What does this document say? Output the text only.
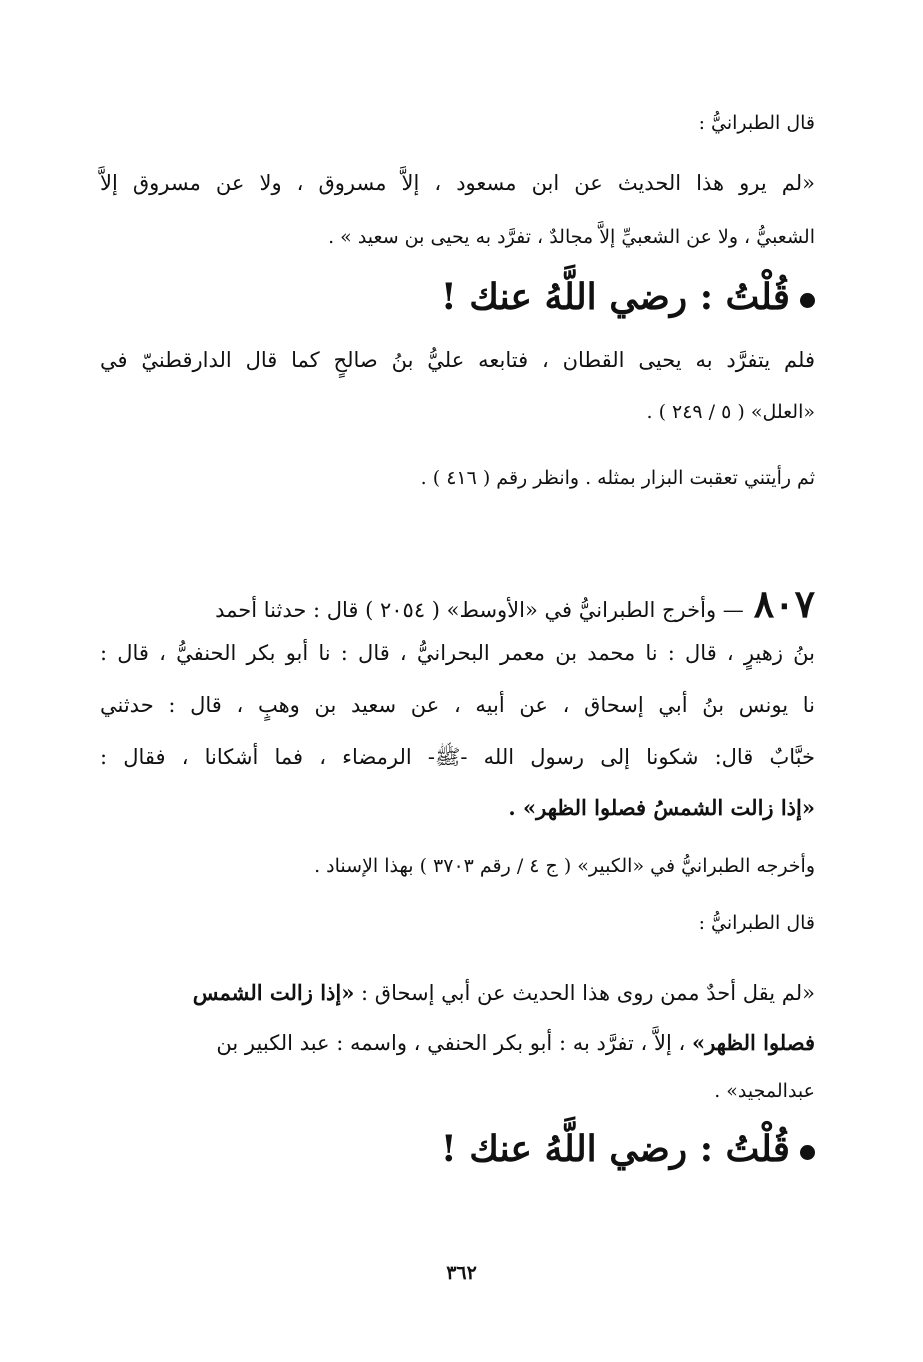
قال الطبرانيُّ :
«لم يرو هذا الحديث عن ابن مسعود ، إلاَّ مسروق ، ولا عن مسروق إلاَّ
الشعبيُّ ، ولا عن الشعبيِّ إلاَّ مجالدٌ ، تفرَّد به يحيى بن سعيد » .
قُلْتُ : رضي اللَّهُ عنك !
فلم يتفرَّد به يحيى القطان ، فتابعه عليُّ بنُ صالحٍ كما قال الدارقطنيّ في
«العلل» ( ٥ / ٢٤٩ ) .
ثم رأيتني تعقبت البزار بمثله . وانظر رقم ( ٤١٦ ) .
٨٠٧— وأخرج الطبرانيُّ في «الأوسط» ( ٢٠٥٤ ) قال : حدثنا أحمد
بنُ زهيرٍ ، قال : نا محمد بن معمر البحرانيُّ ، قال : نا أبو بكر الحنفيُّ ، قال :
نا يونس بنُ أبي إسحاق ، عن أبيه ، عن سعيد بن وهبٍ ، قال : حدثني
خبَّابٌ قال: شكونا إلى رسول الله -ﷺ- الرمضاء ، فما أشكانا ، فقال :
«إذا زالت الشمسُ فصلوا الظهر» .
وأخرجه الطبرانيُّ في «الكبير» ( ج ٤ / رقم ٣٧٠٣ ) بهذا الإسناد .
قال الطبرانيُّ :
«لم يقل أحدٌ ممن روى هذا الحديث عن أبي إسحاق : «إذا زالت الشمس
فصلوا الظهر» ، إلاَّ ، تفرَّد به : أبو بكر الحنفي ، واسمه : عبد الكبير بن
عبدالمجيد» .
قُلْتُ : رضي اللَّهُ عنك !
٣٦٢
